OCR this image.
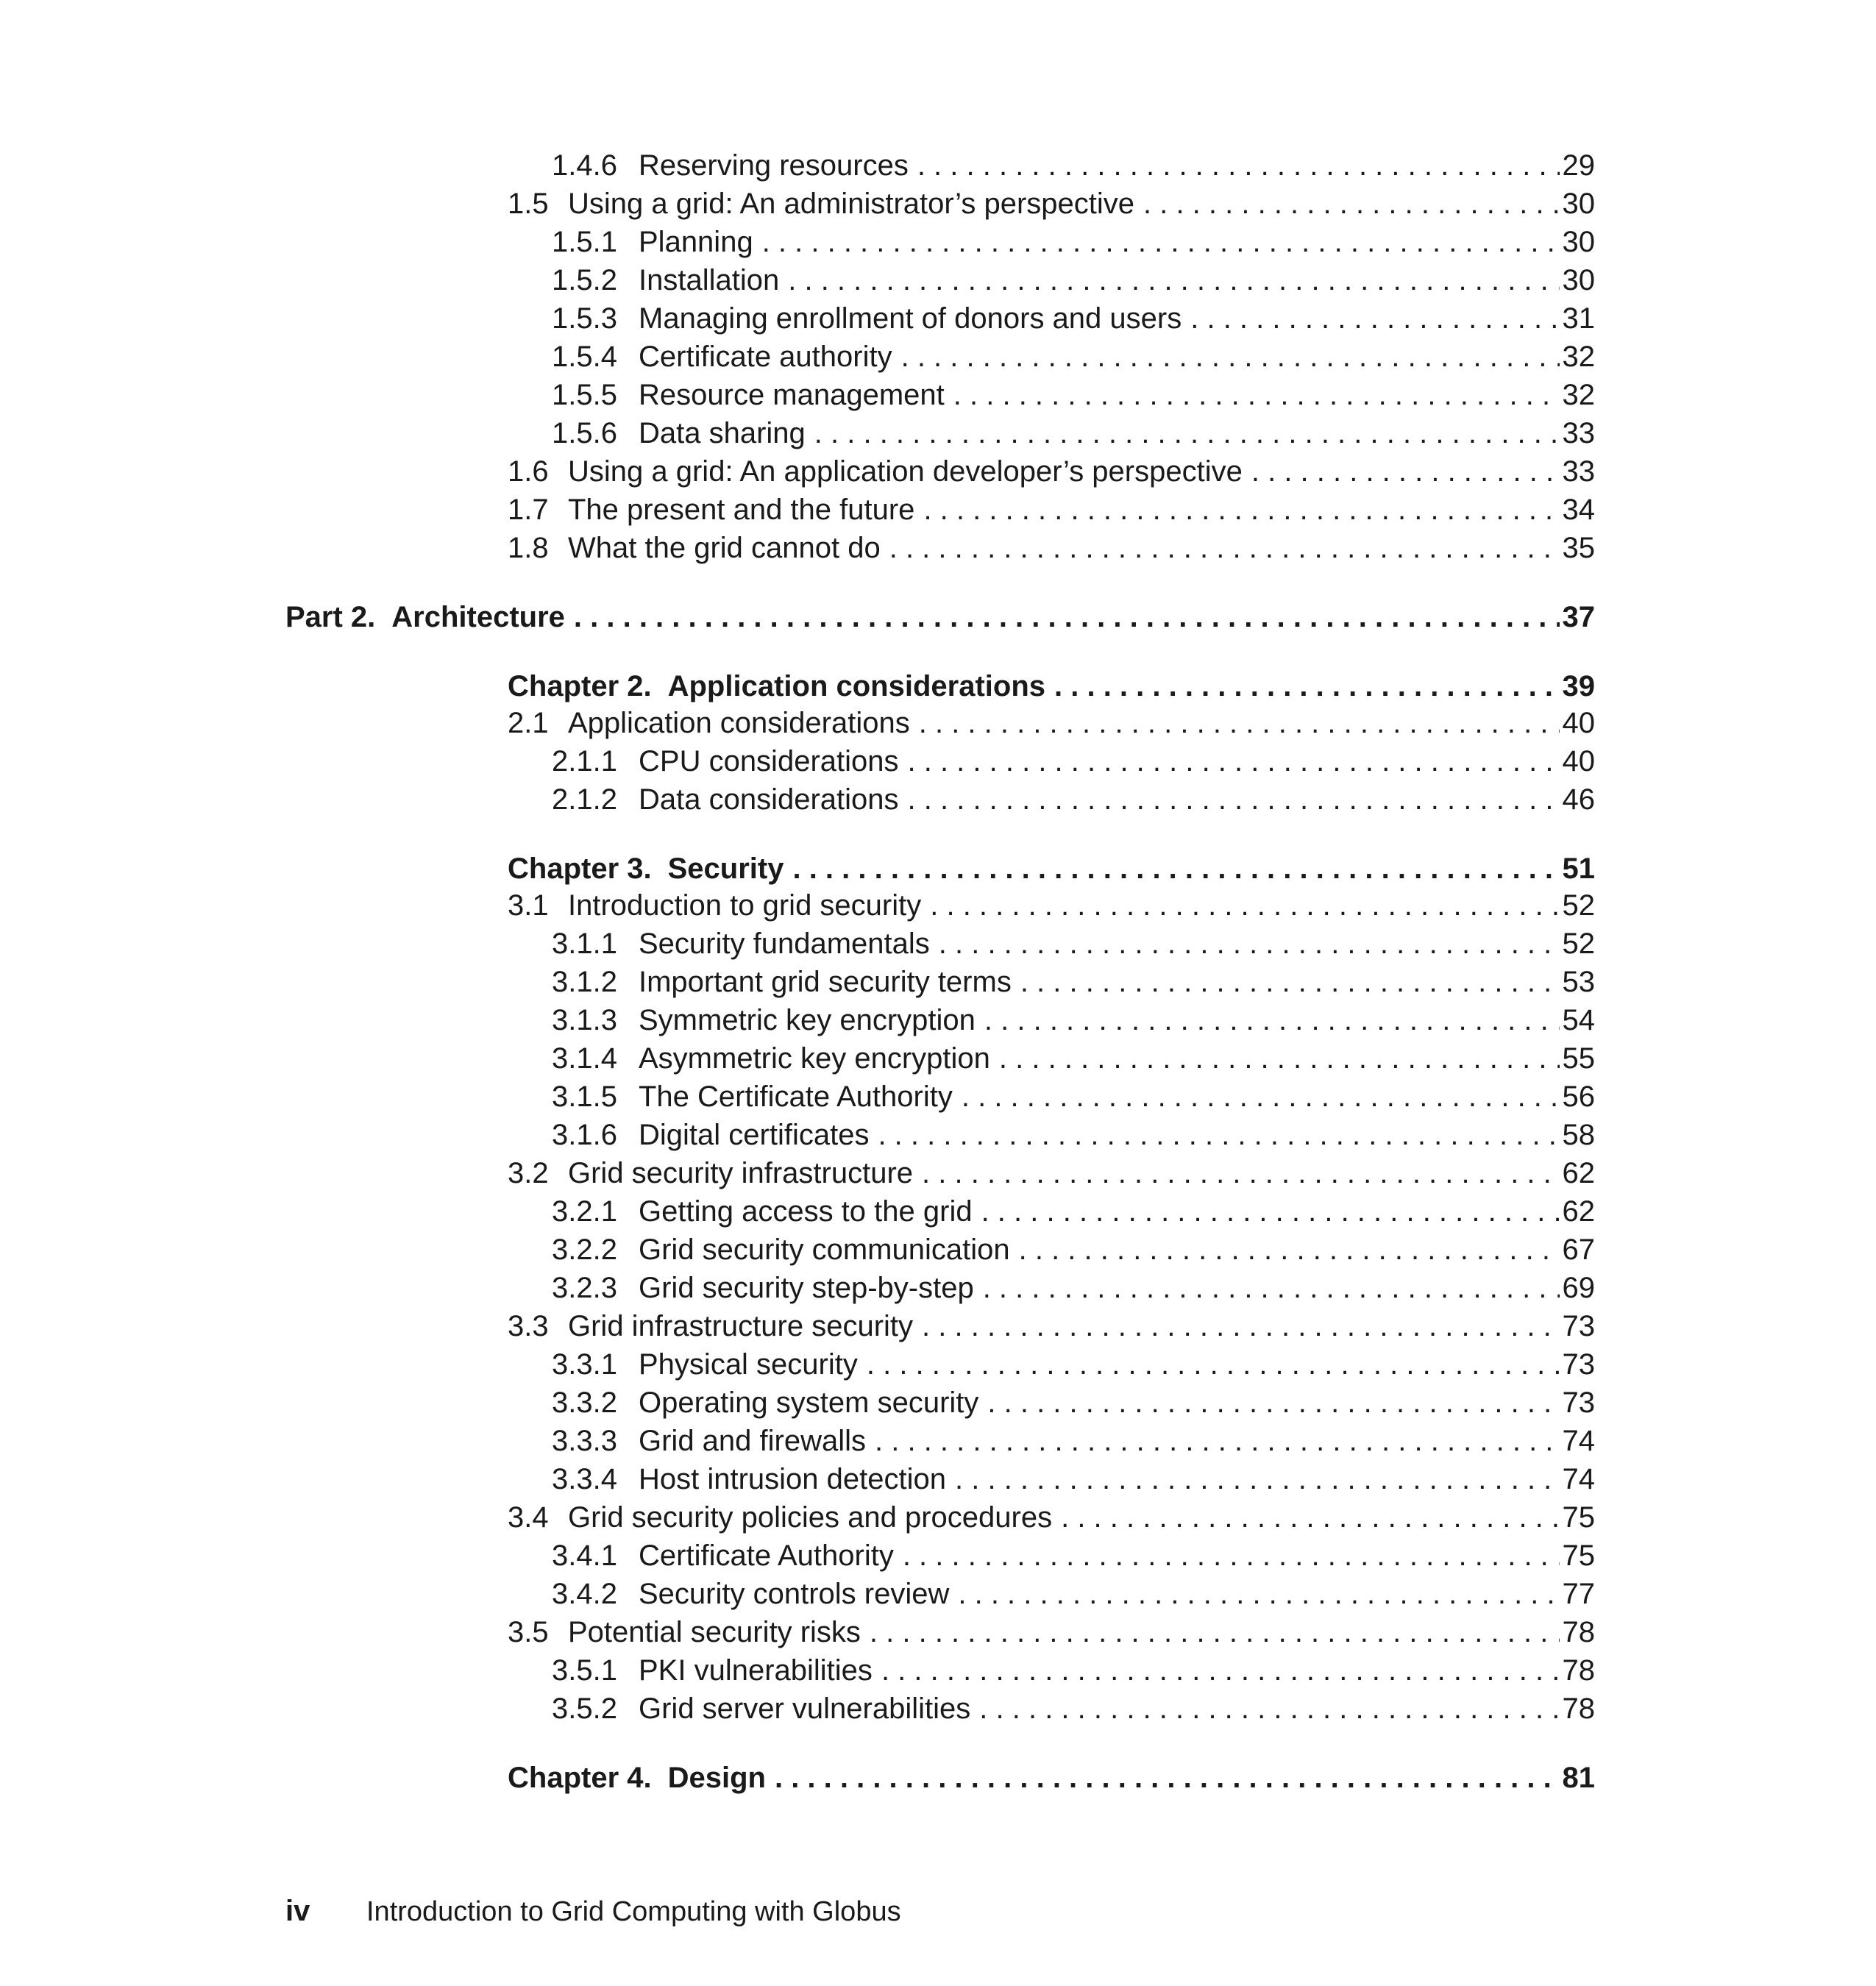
1.4.6 Reserving resources . . .	29
1.5 Using a grid: An administrator’s perspective . . .	30
1.5.1 Planning . . .	30
1.5.2 Installation . . .	30
1.5.3 Managing enrollment of donors and users . . .	31
1.5.4 Certificate authority . . .	32
1.5.5 Resource management . . .	32
1.5.6 Data sharing . . .	33
1.6 Using a grid: An application developer’s perspective . . .	33
1.7 The present and the future . . .	34
1.8 What the grid cannot do . . .	35
Part 2. Architecture . . .	37
Chapter 2. Application considerations . . .	39
2.1 Application considerations . . .	40
2.1.1 CPU considerations . . .	40
2.1.2 Data considerations . . .	46
Chapter 3. Security . . .	51
3.1 Introduction to grid security . . .	52
3.1.1 Security fundamentals . . .	52
3.1.2 Important grid security terms . . .	53
3.1.3 Symmetric key encryption . . .	54
3.1.4 Asymmetric key encryption . . .	55
3.1.5 The Certificate Authority . . .	56
3.1.6 Digital certificates . . .	58
3.2 Grid security infrastructure . . .	62
3.2.1 Getting access to the grid . . .	62
3.2.2 Grid security communication . . .	67
3.2.3 Grid security step-by-step . . .	69
3.3 Grid infrastructure security . . .	73
3.3.1 Physical security . . .	73
3.3.2 Operating system security . . .	73
3.3.3 Grid and firewalls . . .	74
3.3.4 Host intrusion detection . . .	74
3.4 Grid security policies and procedures . . .	75
3.4.1 Certificate Authority . . .	75
3.4.2 Security controls review . . .	77
3.5 Potential security risks . . .	78
3.5.1 PKI vulnerabilities . . .	78
3.5.2 Grid server vulnerabilities . . .	78
Chapter 4. Design . . .	81
iv	Introduction to Grid Computing with Globus
